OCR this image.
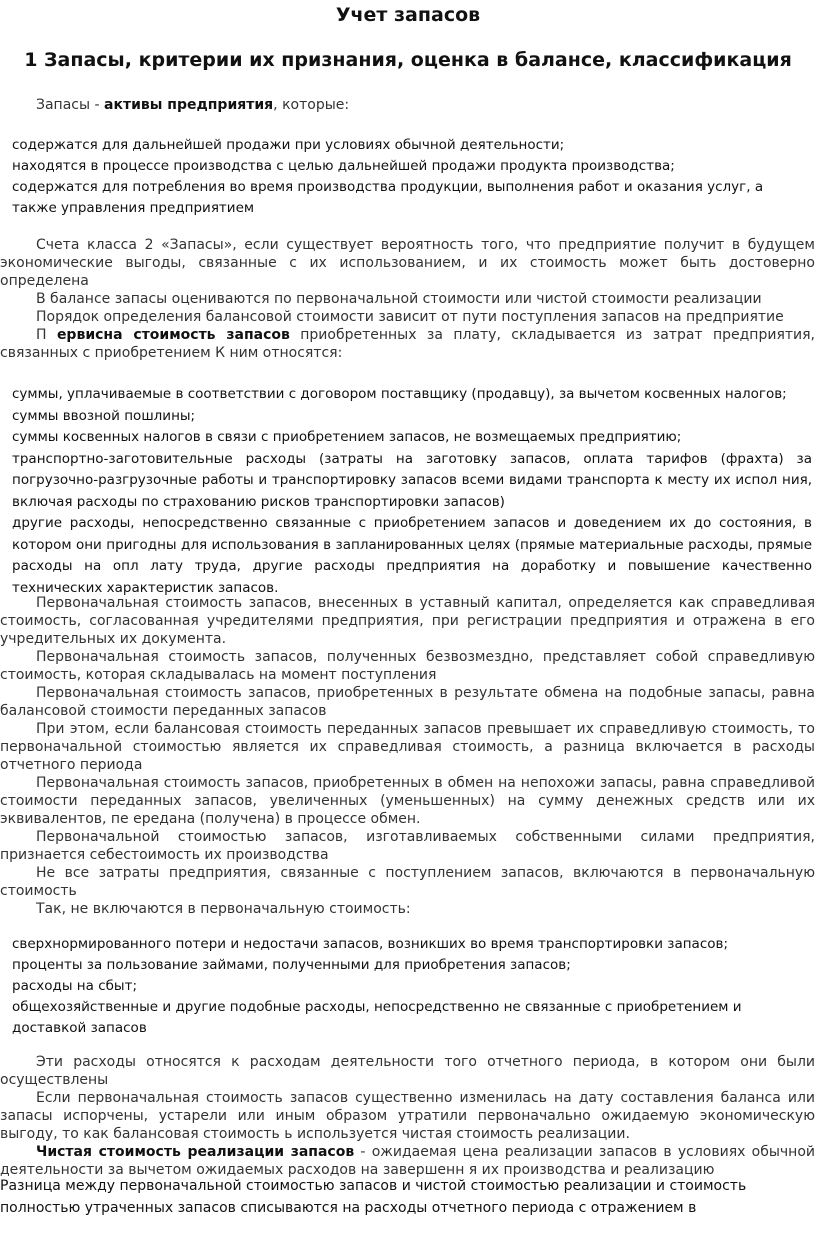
Учет запасов
1 Запасы, критерии их признания, оценка в балансе, классификация
Запасы - активы предприятия, которые:
содержатся для дальнейшей продажи при условиях обычной деятельности;
находятся в процессе производства с целью дальнейшей продажи продукта производства;
содержатся для потребления во время производства продукции, выполнения работ и оказания услуг, а также управления предприятием
Счета класса 2 «Запасы», если существует вероятность того, что предприятие получит в будущем экономические выгоды, связанные с их использованием, и их стоимость может быть достоверно определена
В балансе запасы оцениваются по первоначальной стоимости или чистой стоимости реализации
Порядок определения балансовой стоимости зависит от пути поступления запасов на предприятие
П ервисна стоимость запасов приобретенных за плату, складывается из затрат предприятия, связанных с приобретением К ним относятся:
суммы, уплачиваемые в соответствии с договором поставщику (продавцу), за вычетом косвенных налогов;
суммы ввозной пошлины;
суммы косвенных налогов в связи с приобретением запасов, не возмещаемых предприятию;
транспортно-заготовительные расходы (затраты на заготовку запасов, оплата тарифов (фрахта) за погрузочно-разгрузочные работы и транспортировку запасов всеми видами транспорта к месту их испол ния, включая расходы по страхованию рисков транспортировки запасов)
другие расходы, непосредственно связанные с приобретением запасов и доведением их до состояния, в котором они пригодны для использования в запланированных целях (прямые материальные расходы, прямые расходы на опл лату труда, другие расходы предприятия на доработку и повышение качественно технических характеристик запасов.
Первоначальная стоимость запасов, внесенных в уставный капитал, определяется как справедливая стоимость, согласованная учредителями предприятия, при регистрации предприятия и отражена в его учредительных их документа.
Первоначальная стоимость запасов, полученных безвозмездно, представляет собой справедливую стоимость, которая складывалась на момент поступления
Первоначальная стоимость запасов, приобретенных в результате обмена на подобные запасы, равна балансовой стоимости переданных запасов
При этом, если балансовая стоимость переданных запасов превышает их справедливую стоимость, то первоначальной стоимостью является их справедливая стоимость, а разница включается в расходы отчетного периода
Первоначальная стоимость запасов, приобретенных в обмен на непохожи запасы, равна справедливой стоимости переданных запасов, увеличенных (уменьшенных) на сумму денежных средств или их эквивалентов, пе ередана (получена) в процессе обмен.
Первоначальной стоимостью запасов, изготавливаемых собственными силами предприятия, признается себестоимость их производства
Не все затраты предприятия, связанные с поступлением запасов, включаются в первоначальную стоимость
Так, не включаются в первоначальную стоимость:
сверхнормированного потери и недостачи запасов, возникших во время транспортировки запасов;
проценты за пользование займами, полученными для приобретения запасов;
расходы на сбыт;
общехозяйственные и другие подобные расходы, непосредственно не связанные с приобретением и доставкой запасов
Эти расходы относятся к расходам деятельности того отчетного периода, в котором они были осуществлены
Если первоначальная стоимость запасов существенно изменилась на дату составления баланса или запасы испорчены, устарели или иным образом утратили первоначально ожидаемую экономическую выгоду, то как балансовая стоимость ь используется чистая стоимость реализации.
Чистая стоимость реализации запасов - ожидаемая цена реализации запасов в условиях обычной деятельности за вычетом ожидаемых расходов на завершенн я их производства и реализацию
Разница между первоначальной стоимостью запасов и чистой стоимостью реализации и стоимость полностью утраченных запасов списываются на расходы отчетного периода с отражением в
